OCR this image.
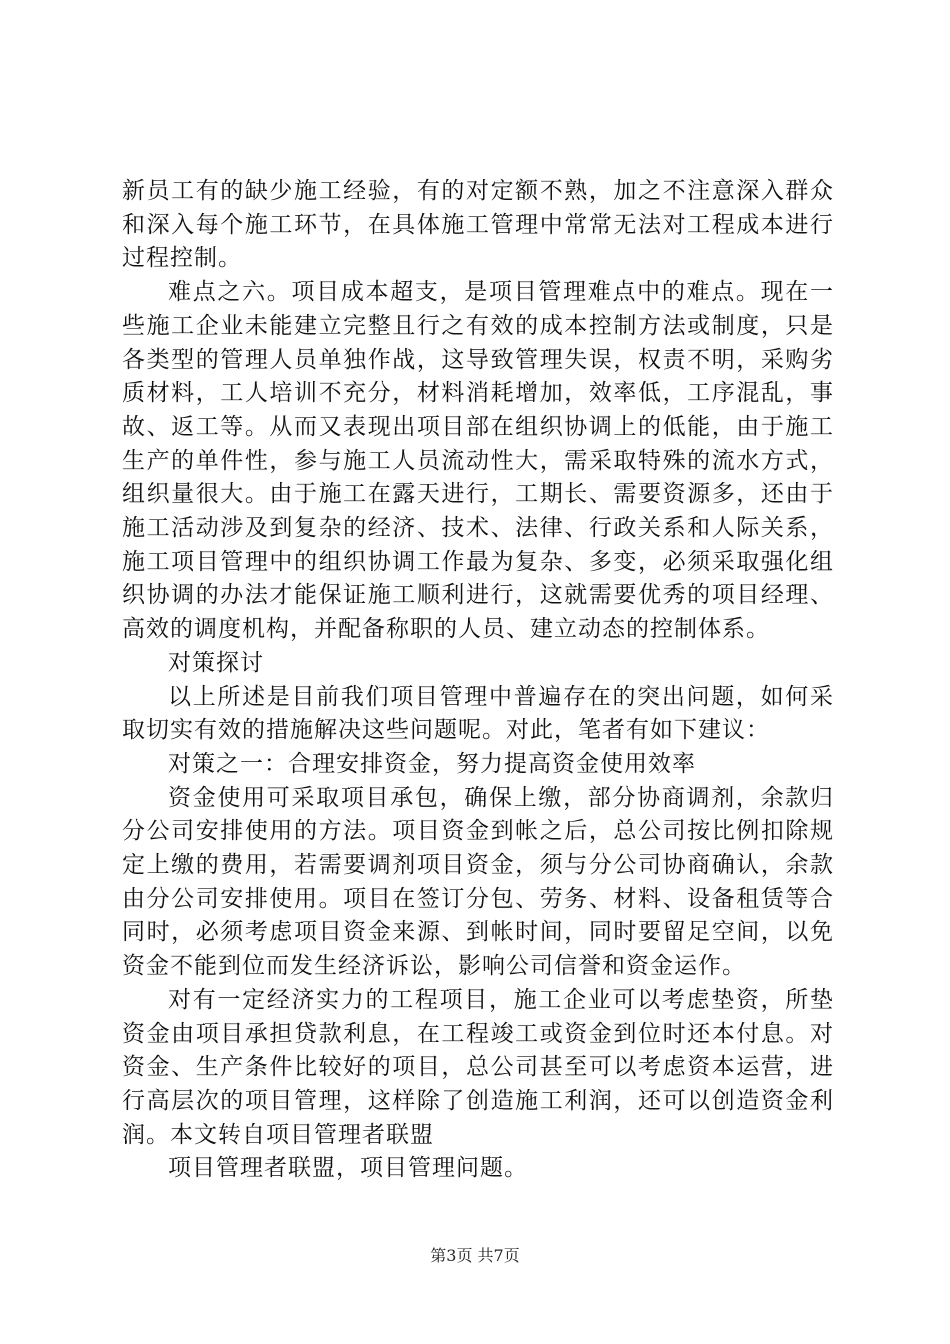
新员工有的缺少施工经验，有的对定额不熟，加之不注意深入群众和深入每个施工环节，在具体施工管理中常常无法对工程成本进行过程控制。

难点之六。项目成本超支，是项目管理难点中的难点。现在一些施工企业未能建立完整且行之有效的成本控制方法或制度，只是各类型的管理人员单独作战，这导致管理失误，权责不明，采购劣质材料，工人培训不充分，材料消耗增加，效率低，工序混乱，事故、返工等。从而又表现出项目部在组织协调上的低能，由于施工生产的单件性，参与施工人员流动性大，需采取特殊的流水方式，组织量很大。由于施工在露天进行，工期长、需要资源多，还由于施工活动涉及到复杂的经济、技术、法律、行政关系和人际关系，施工项目管理中的组织协调工作最为复杂、多变，必须采取强化组织协调的办法才能保证施工顺利进行，这就需要优秀的项目经理、高效的调度机构，并配备称职的人员、建立动态的控制体系。

对策探讨

以上所述是目前我们项目管理中普遍存在的突出问题，如何采取切实有效的措施解决这些问题呢。对此，笔者有如下建议：

对策之一：合理安排资金，努力提高资金使用效率

资金使用可采取项目承包，确保上缴，部分协商调剂，余款归分公司安排使用的方法。项目资金到帐之后，总公司按比例扣除规定上缴的费用，若需要调剂项目资金，须与分公司协商确认，余款由分公司安排使用。项目在签订分包、劳务、材料、设备租赁等合同时，必须考虑项目资金来源、到帐时间，同时要留足空间，以免资金不能到位而发生经济诉讼，影响公司信誉和资金运作。

对有一定经济实力的工程项目，施工企业可以考虑垫资，所垫资金由项目承担贷款利息，在工程竣工或资金到位时还本付息。对资金、生产条件比较好的项目，总公司甚至可以考虑资本运营，进行高层次的项目管理，这样除了创造施工利润，还可以创造资金利润。本文转自项目管理者联盟

项目管理者联盟，项目管理问题。

第3页 共7页
